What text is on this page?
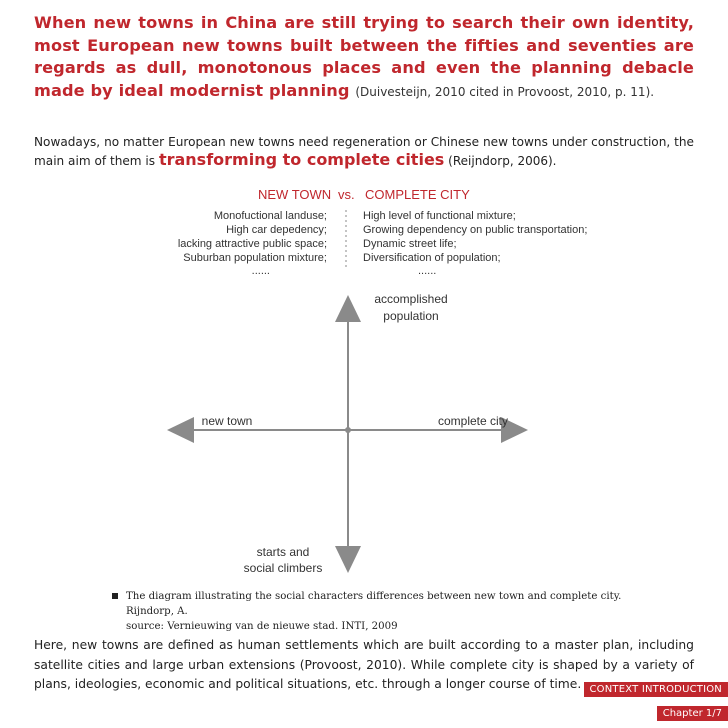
When new towns in China are still trying to search their own identity, most European new towns built between the fifties and seventies are regards as dull, monotonous places and even the planning debacle made by ideal modernist planning (Duivesteijn, 2010 cited in Provoost, 2010, p. 11).
Nowadays, no matter European new towns need regeneration or Chinese new towns under construction, the main aim of them is transforming to complete cities (Reijndorp, 2006).
NEW TOWN vs. COMPLETE CITY
Monofuctional landuse;
High car depedency;
lacking attractive public space;
Suburban population mixture;
......
High level of functional mixture;
Growing dependency on public transportation;
Dynamic street life;
Diversification of population;
......
accomplished
population
starts and
social climbers
new town	complete city
The diagram illustrating the social characters differences between new town and complete city. Rijndorp, A.
source: Vernieuwing van de nieuwe stad. INTI, 2009
Here, new towns are defined as human settlements which are built according to a master plan, including satellite cities and large urban extensions (Provoost, 2010). While complete city is shaped by a variety of plans, ideologies, economic and political situations, etc. through a longer course of time. CONTEXT INTRODUCTION
Chapter 1/7
